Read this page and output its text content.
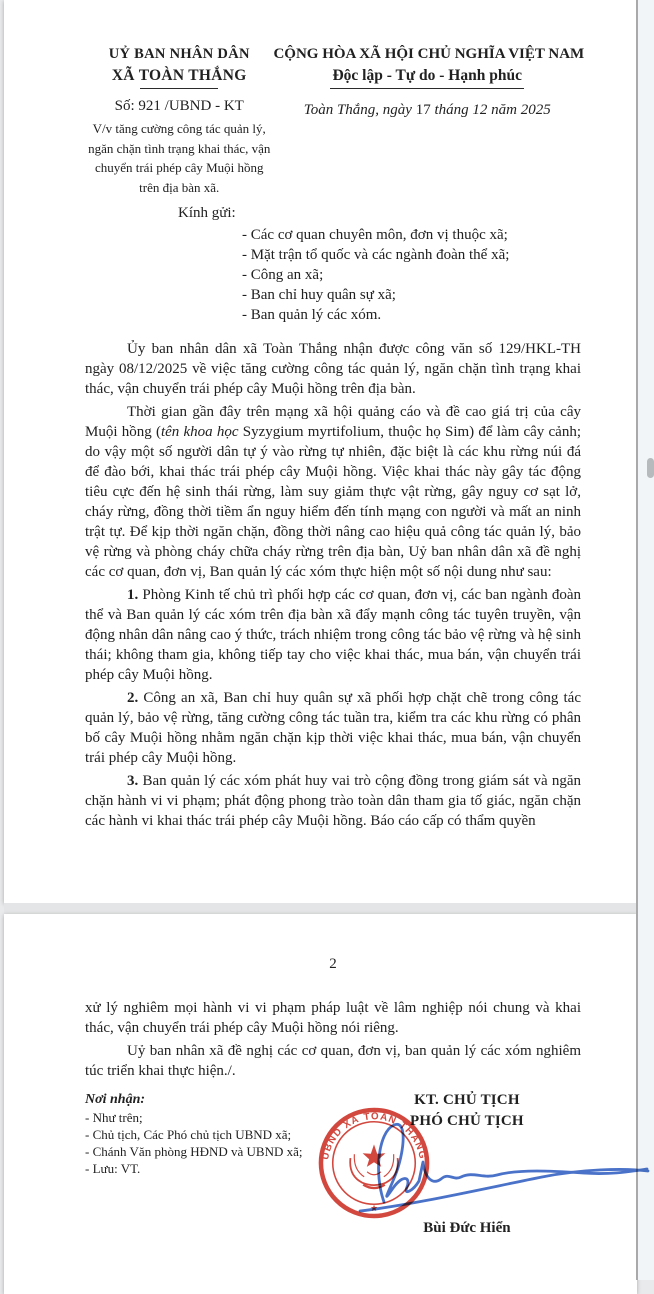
UỶ BAN NHÂN DÂN
XÃ TOÀN THẮNG
Số: 921 /UBND - KT
V/v tăng cường công tác quản lý,
ngăn chặn tình trạng khai thác, vận
chuyển trái phép cây Muội hồng
trên địa bàn xã.
CỘNG HÒA XÃ HỘI CHỦ NGHĨA VIỆT NAM
Độc lập - Tự do - Hạnh phúc
Toàn Thắng, ngày 17 tháng 12 năm 2025
Kính gửi:
- Các cơ quan chuyên môn, đơn vị thuộc xã;
- Mặt trận tổ quốc và các ngành đoàn thể xã;
- Công an xã;
- Ban chỉ huy quân sự xã;
- Ban quản lý các xóm.

Ủy ban nhân dân xã Toàn Thắng nhận được công văn số 129/HKL-TH ngày 08/12/2025 về việc tăng cường công tác quản lý, ngăn chặn tình trạng khai thác, vận chuyển trái phép cây Muội hồng trên địa bàn.

Thời gian gần đây trên mạng xã hội quảng cáo và đề cao giá trị của cây Muội hồng (tên khoa học Syzygium myrtifolium, thuộc họ Sim) để làm cây cảnh; do vậy một số người dân tự ý vào rừng tự nhiên, đặc biệt là các khu rừng núi đá để đào bới, khai thác trái phép cây Muội hồng. Việc khai thác này gây tác động tiêu cực đến hệ sinh thái rừng, làm suy giảm thực vật rừng, gây nguy cơ sạt lở, cháy rừng, đồng thời tiềm ẩn nguy hiểm đến tính mạng con người và mất an ninh trật tự. Để kịp thời ngăn chặn, đồng thời nâng cao hiệu quả công tác quản lý, bảo vệ rừng và phòng cháy chữa cháy rừng trên địa bàn, Uỷ ban nhân dân xã đề nghị các cơ quan, đơn vị, Ban quản lý các xóm thực hiện một số nội dung như sau:

1. Phòng Kinh tế chủ trì phối hợp các cơ quan, đơn vị, các ban ngành đoàn thể và Ban quản lý các xóm trên địa bàn xã đẩy mạnh công tác tuyên truyền, vận động nhân dân nâng cao ý thức, trách nhiệm trong công tác bảo vệ rừng và hệ sinh thái; không tham gia, không tiếp tay cho việc khai thác, mua bán, vận chuyển trái phép cây Muội hồng.

2. Công an xã, Ban chỉ huy quân sự xã phối hợp chặt chẽ trong công tác quản lý, bảo vệ rừng, tăng cường công tác tuần tra, kiểm tra các khu rừng có phân bố cây Muội hồng nhằm ngăn chặn kịp thời việc khai thác, mua bán, vận chuyển trái phép cây Muội hồng.

3. Ban quản lý các xóm phát huy vai trò cộng đồng trong giám sát và ngăn chặn hành vi vi phạm; phát động phong trào toàn dân tham gia tố giác, ngăn chặn các hành vi khai thác trái phép cây Muội hồng. Báo cáo cấp có thẩm quyền

2

xử lý nghiêm mọi hành vi vi phạm pháp luật về lâm nghiệp nói chung và khai thác, vận chuyển trái phép cây Muội hồng nói riêng.

Uỷ ban nhân xã đề nghị các cơ quan, đơn vị, ban quản lý các xóm nghiêm túc triển khai thực hiện./.

Nơi nhận:
- Như trên;
- Chủ tịch, Các Phó chủ tịch UBND xã;
- Chánh Văn phòng HĐND và UBND xã;
- Lưu: VT.
KT. CHỦ TỊCH
PHÓ CHỦ TỊCH
Bùi Đức Hiển
UBND XÃ TOÀN THẮNG
★
